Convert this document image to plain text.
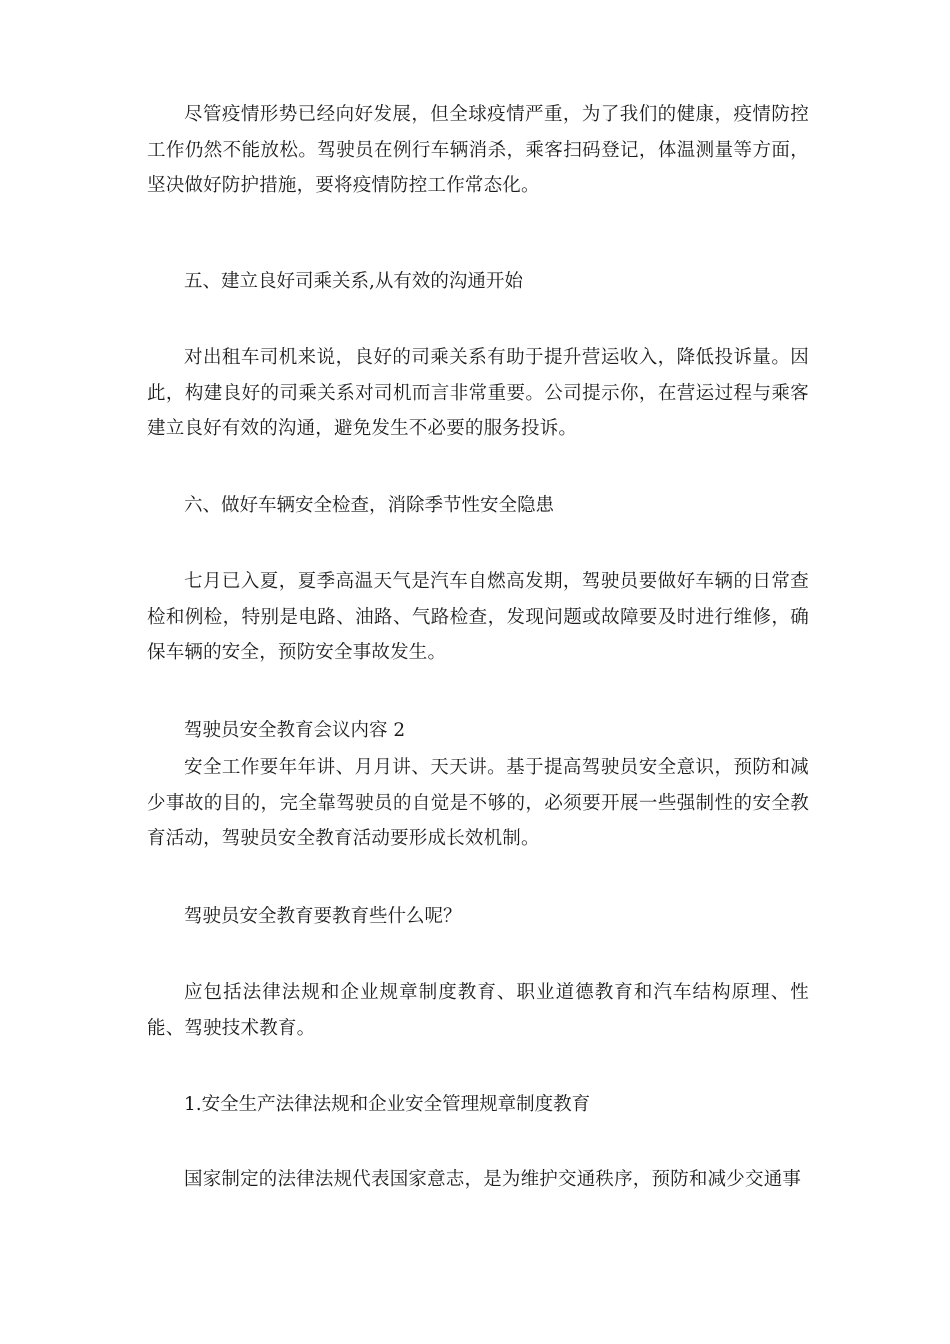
尽管疫情形势已经向好发展，但全球疫情严重，为了我们的健康，疫情防控工作仍然不能放松。驾驶员在例行车辆消杀，乘客扫码登记，体温测量等方面，坚决做好防护措施，要将疫情防控工作常态化。

五、建立良好司乘关系,从有效的沟通开始

对出租车司机来说，良好的司乘关系有助于提升营运收入，降低投诉量。因此，构建良好的司乘关系对司机而言非常重要。公司提示你，在营运过程与乘客建立良好有效的沟通，避免发生不必要的服务投诉。

六、做好车辆安全检查，消除季节性安全隐患

七月已入夏，夏季高温天气是汽车自燃高发期，驾驶员要做好车辆的日常查检和例检，特别是电路、油路、气路检查，发现问题或故障要及时进行维修，确保车辆的安全，预防安全事故发生。

驾驶员安全教育会议内容 2

安全工作要年年讲、月月讲、天天讲。基于提高驾驶员安全意识，预防和减少事故的目的，完全靠驾驶员的自觉是不够的，必须要开展一些强制性的安全教育活动，驾驶员安全教育活动要形成长效机制。

驾驶员安全教育要教育些什么呢？

应包括法律法规和企业规章制度教育、职业道德教育和汽车结构原理、性能、驾驶技术教育。

1.安全生产法律法规和企业安全管理规章制度教育

国家制定的法律法规代表国家意志，是为维护交通秩序，预防和减少交通事
